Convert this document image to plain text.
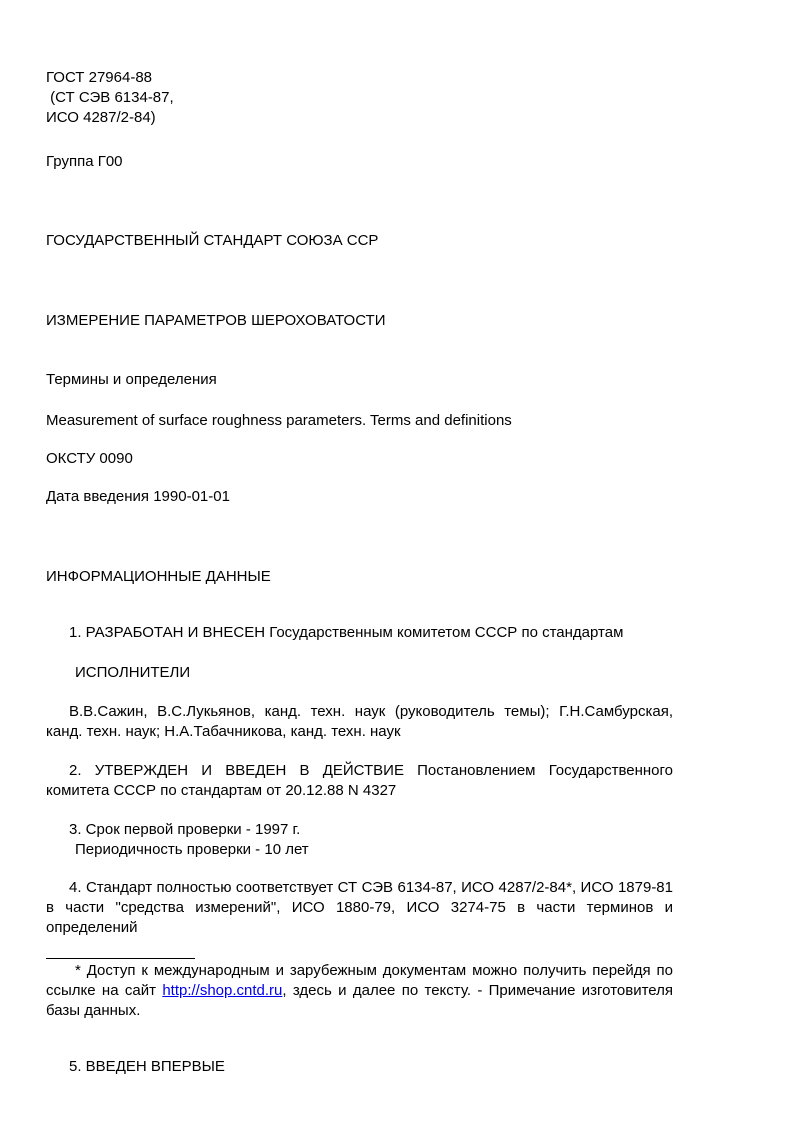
ГОСТ 27964-88
(СТ СЭВ 6134-87,
ИСО 4287/2-84)

Группа Г00

ГОСУДАРСТВЕННЫЙ СТАНДАРТ СОЮЗА ССР

ИЗМЕРЕНИЕ ПАРАМЕТРОВ ШЕРОХОВАТОСТИ

Термины и определения

Measurement of surface roughness parameters. Terms and definitions

ОКСТУ 0090

Дата введения 1990-01-01

ИНФОРМАЦИОННЫЕ ДАННЫЕ

1. РАЗРАБОТАН И ВНЕСЕН Государственным комитетом СССР по стандартам

ИСПОЛНИТЕЛИ

В.В.Сажин, В.С.Лукьянов, канд. техн. наук (руководитель темы); Г.Н.Самбурская, канд. техн. наук; Н.А.Табачникова, канд. техн. наук

2. УТВЕРЖДЕН И ВВЕДЕН В ДЕЙСТВИЕ Постановлением Государственного комитета СССР по стандартам от 20.12.88 N 4327

3. Срок первой проверки - 1997 г.

Периодичность проверки - 10 лет

4. Стандарт полностью соответствует СТ СЭВ 6134-87, ИСО 4287/2-84*, ИСО 1879-81 в части "средства измерений", ИСО 1880-79, ИСО 3274-75 в части терминов и определений

* Доступ к международным и зарубежным документам можно получить перейдя по ссылке на сайт http://shop.cntd.ru, здесь и далее по тексту. - Примечание изготовителя базы данных.

5. ВВЕДЕН ВПЕРВЫЕ
